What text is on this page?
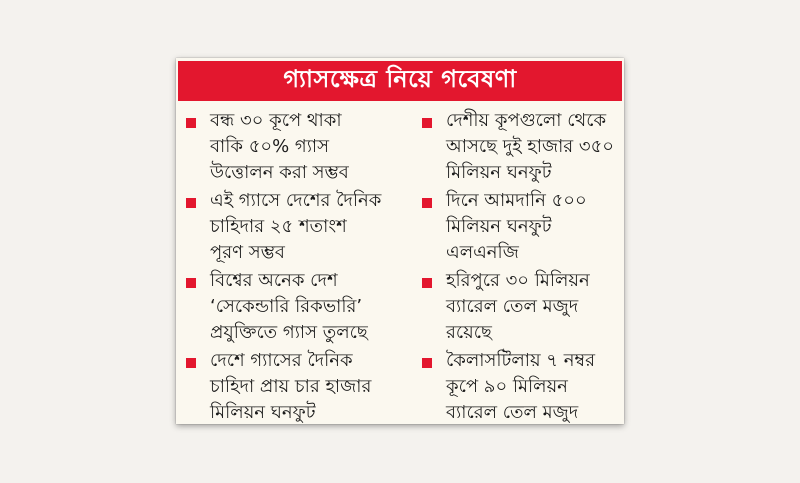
গ্যাসক্ষেত্র নিয়ে গবেষণা
বন্ধ ৩০ কূপে থাকা
বাকি ৫০% গ্যাস
উত্তোলন করা সম্ভব
এই গ্যাসে দেশের দৈনিক
চাহিদার ২৫ শতাংশ
পূরণ সম্ভব
বিশ্বের অনেক দেশ
‘সেকেন্ডারি রিকভারি’
প্রযুক্তিতে গ্যাস তুলছে
দেশে গ্যাসের দৈনিক
চাহিদা প্রায় চার হাজার
মিলিয়ন ঘনফুট
দেশীয় কূপগুলো থেকে
আসছে দুই হাজার ৩৫০
মিলিয়ন ঘনফুট
দিনে আমদানি ৫০০
মিলিয়ন ঘনফুট
এলএনজি
হরিপুরে ৩০ মিলিয়ন
ব্যারেল তেল মজুদ
রয়েছে
কৈলাসটিলায় ৭ নম্বর
কূপে ৯০ মিলিয়ন
ব্যারেল তেল মজুদ
